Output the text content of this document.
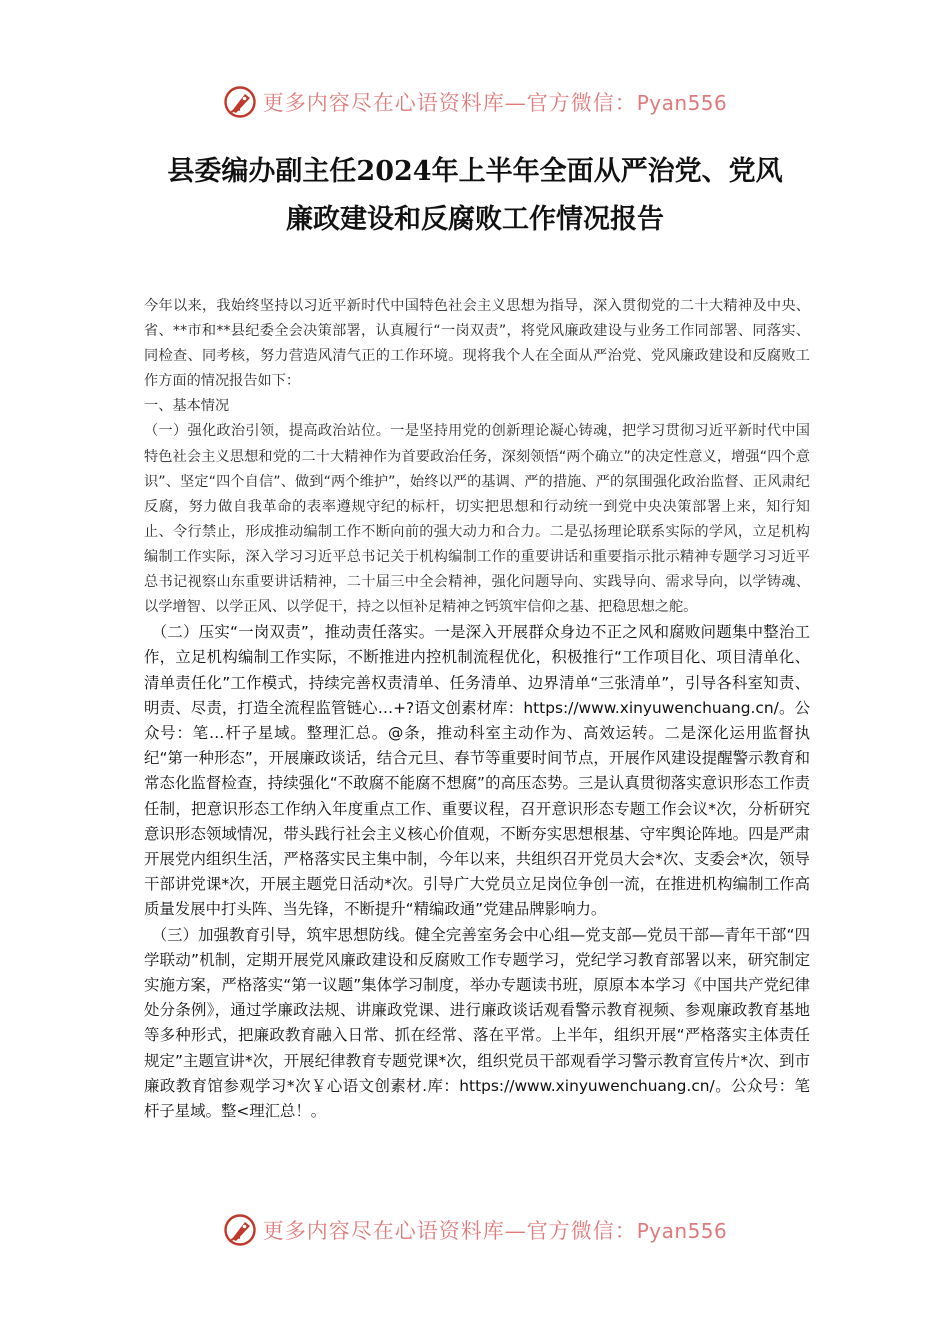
更多内容尽在心语资料库—官方微信：Pyan556
县委编办副主任2024年上半年全面从严治党、党风
廉政建设和反腐败工作情况报告

今年以来，我始终坚持以习近平新时代中国特色社会主义思想为指导，深入贯彻党的二十大精神及中央、省、**市和**县纪委全会决策部署，认真履行“一岗双责”，将党风廉政建设与业务工作同部署、同落实、同检查、同考核，努力营造风清气正的工作环境。现将我个人在全面从严治党、党风廉政建设和反腐败工作方面的情况报告如下：

一、基本情况

（一）强化政治引领，提高政治站位。一是坚持用党的创新理论凝心铸魂，把学习贯彻习近平新时代中国特色社会主义思想和党的二十大精神作为首要政治任务，深刻领悟“两个确立”的决定性意义，增强“四个意识”、坚定“四个自信”、做到“两个维护”，始终以严的基调、严的措施、严的氛围强化政治监督、正风肃纪反腐，努力做自我革命的表率遵规守纪的标杆，切实把思想和行动统一到党中央决策部署上来，知行知止、令行禁止，形成推动编制工作不断向前的强大动力和合力。二是弘扬理论联系实际的学风，立足机构编制工作实际，深入学习习近平总书记关于机构编制工作的重要讲话和重要指示批示精神专题学习习近平总书记视察山东重要讲话精神，二十届三中全会精神，强化问题导向、实践导向、需求导向，以学铸魂、以学增智、以学正风、以学促干，持之以恒补足精神之钙筑牢信仰之基、把稳思想之舵。

（二）压实“一岗双责”，推动责任落实。一是深入开展群众身边不正之风和腐败问题集中整治工作，立足机构编制工作实际，不断推进内控机制流程优化，积极推行“工作项目化、项目清单化、清单责任化”工作模式，持续完善权责清单、任务清单、边界清单“三张清单”，引导各科室知责、明责、尽责，打造全流程监管链心…+?语文创素材库：https://www.xinyuwenchuang.cn/。公众号：笔…杆子星域。整理汇总。@条，推动科室主动作为、高效运转。二是深化运用监督执纪“第一种形态”，开展廉政谈话，结合元旦、春节等重要时间节点，开展作风建设提醒警示教育和常态化监督检查，持续强化“不敢腐不能腐不想腐”的高压态势。三是认真贯彻落实意识形态工作责任制，把意识形态工作纳入年度重点工作、重要议程，召开意识形态专题工作会议*次，分析研究意识形态领域情况，带头践行社会主义核心价值观，不断夯实思想根基、守牢舆论阵地。四是严肃开展党内组织生活，严格落实民主集中制，今年以来，共组织召开党员大会*次、支委会*次，领导干部讲党课*次，开展主题党日活动*次。引导广大党员立足岗位争创一流，在推进机构编制工作高质量发展中打头阵、当先锋，不断提升“精编政通”党建品牌影响力。

（三）加强教育引导，筑牢思想防线。健全完善室务会中心组—党支部—党员干部—青年干部“四学联动”机制，定期开展党风廉政建设和反腐败工作专题学习，党纪学习教育部署以来，研究制定实施方案，严格落实“第一议题”集体学习制度，举办专题读书班，原原本本学习《中国共产党纪律处分条例》，通过学廉政法规、讲廉政党课、进行廉政谈话观看警示教育视频、参观廉政教育基地等多种形式，把廉政教育融入日常、抓在经常、落在平常。上半年，组织开展“严格落实主体责任规定”主题宣讲*次，开展纪律教育专题党课*次，组织党员干部观看学习警示教育宣传片*次、到市廉政教育馆参观学习*次￥心语文创素材.库：https://www.xinyuwenchuang.cn/。公众号：笔杆子星域。整<理汇总！。

更多内容尽在心语资料库—官方微信：Pyan556
